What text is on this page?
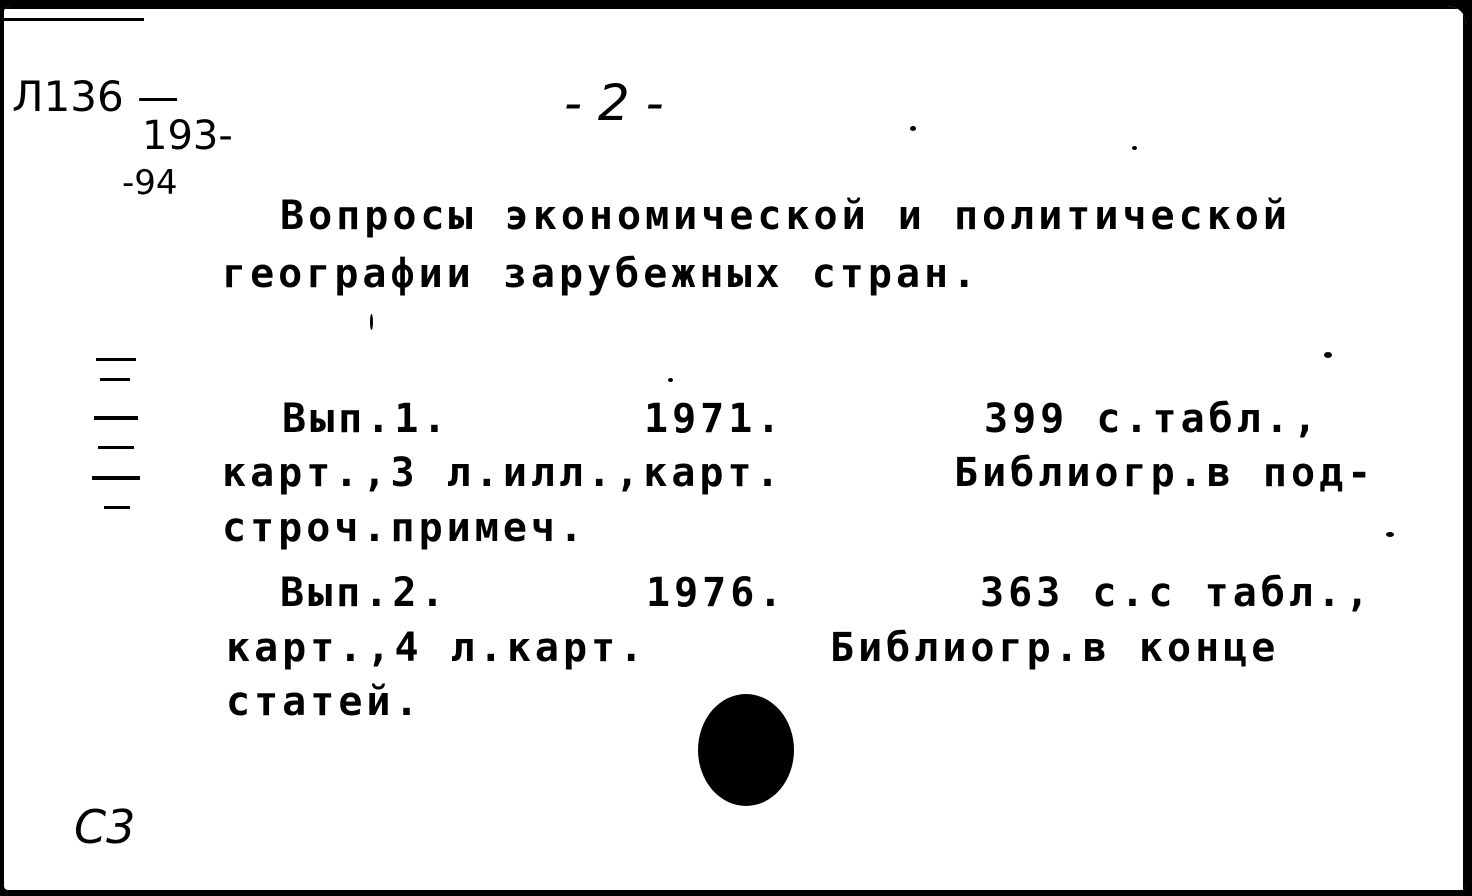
Л136 —
193-
-94
- 2 -
Вопросы экономической и политической
географии зарубежных стран.
Вып.1.	1971.	399 с.табл.,
карт.,3 л.илл.,карт.	Библиогр.в под-
строч.примеч.
Вып.2.	1976.	363 с.с табл.,
карт.,4 л.карт.	Библиогр.в конце
статей.
С3
